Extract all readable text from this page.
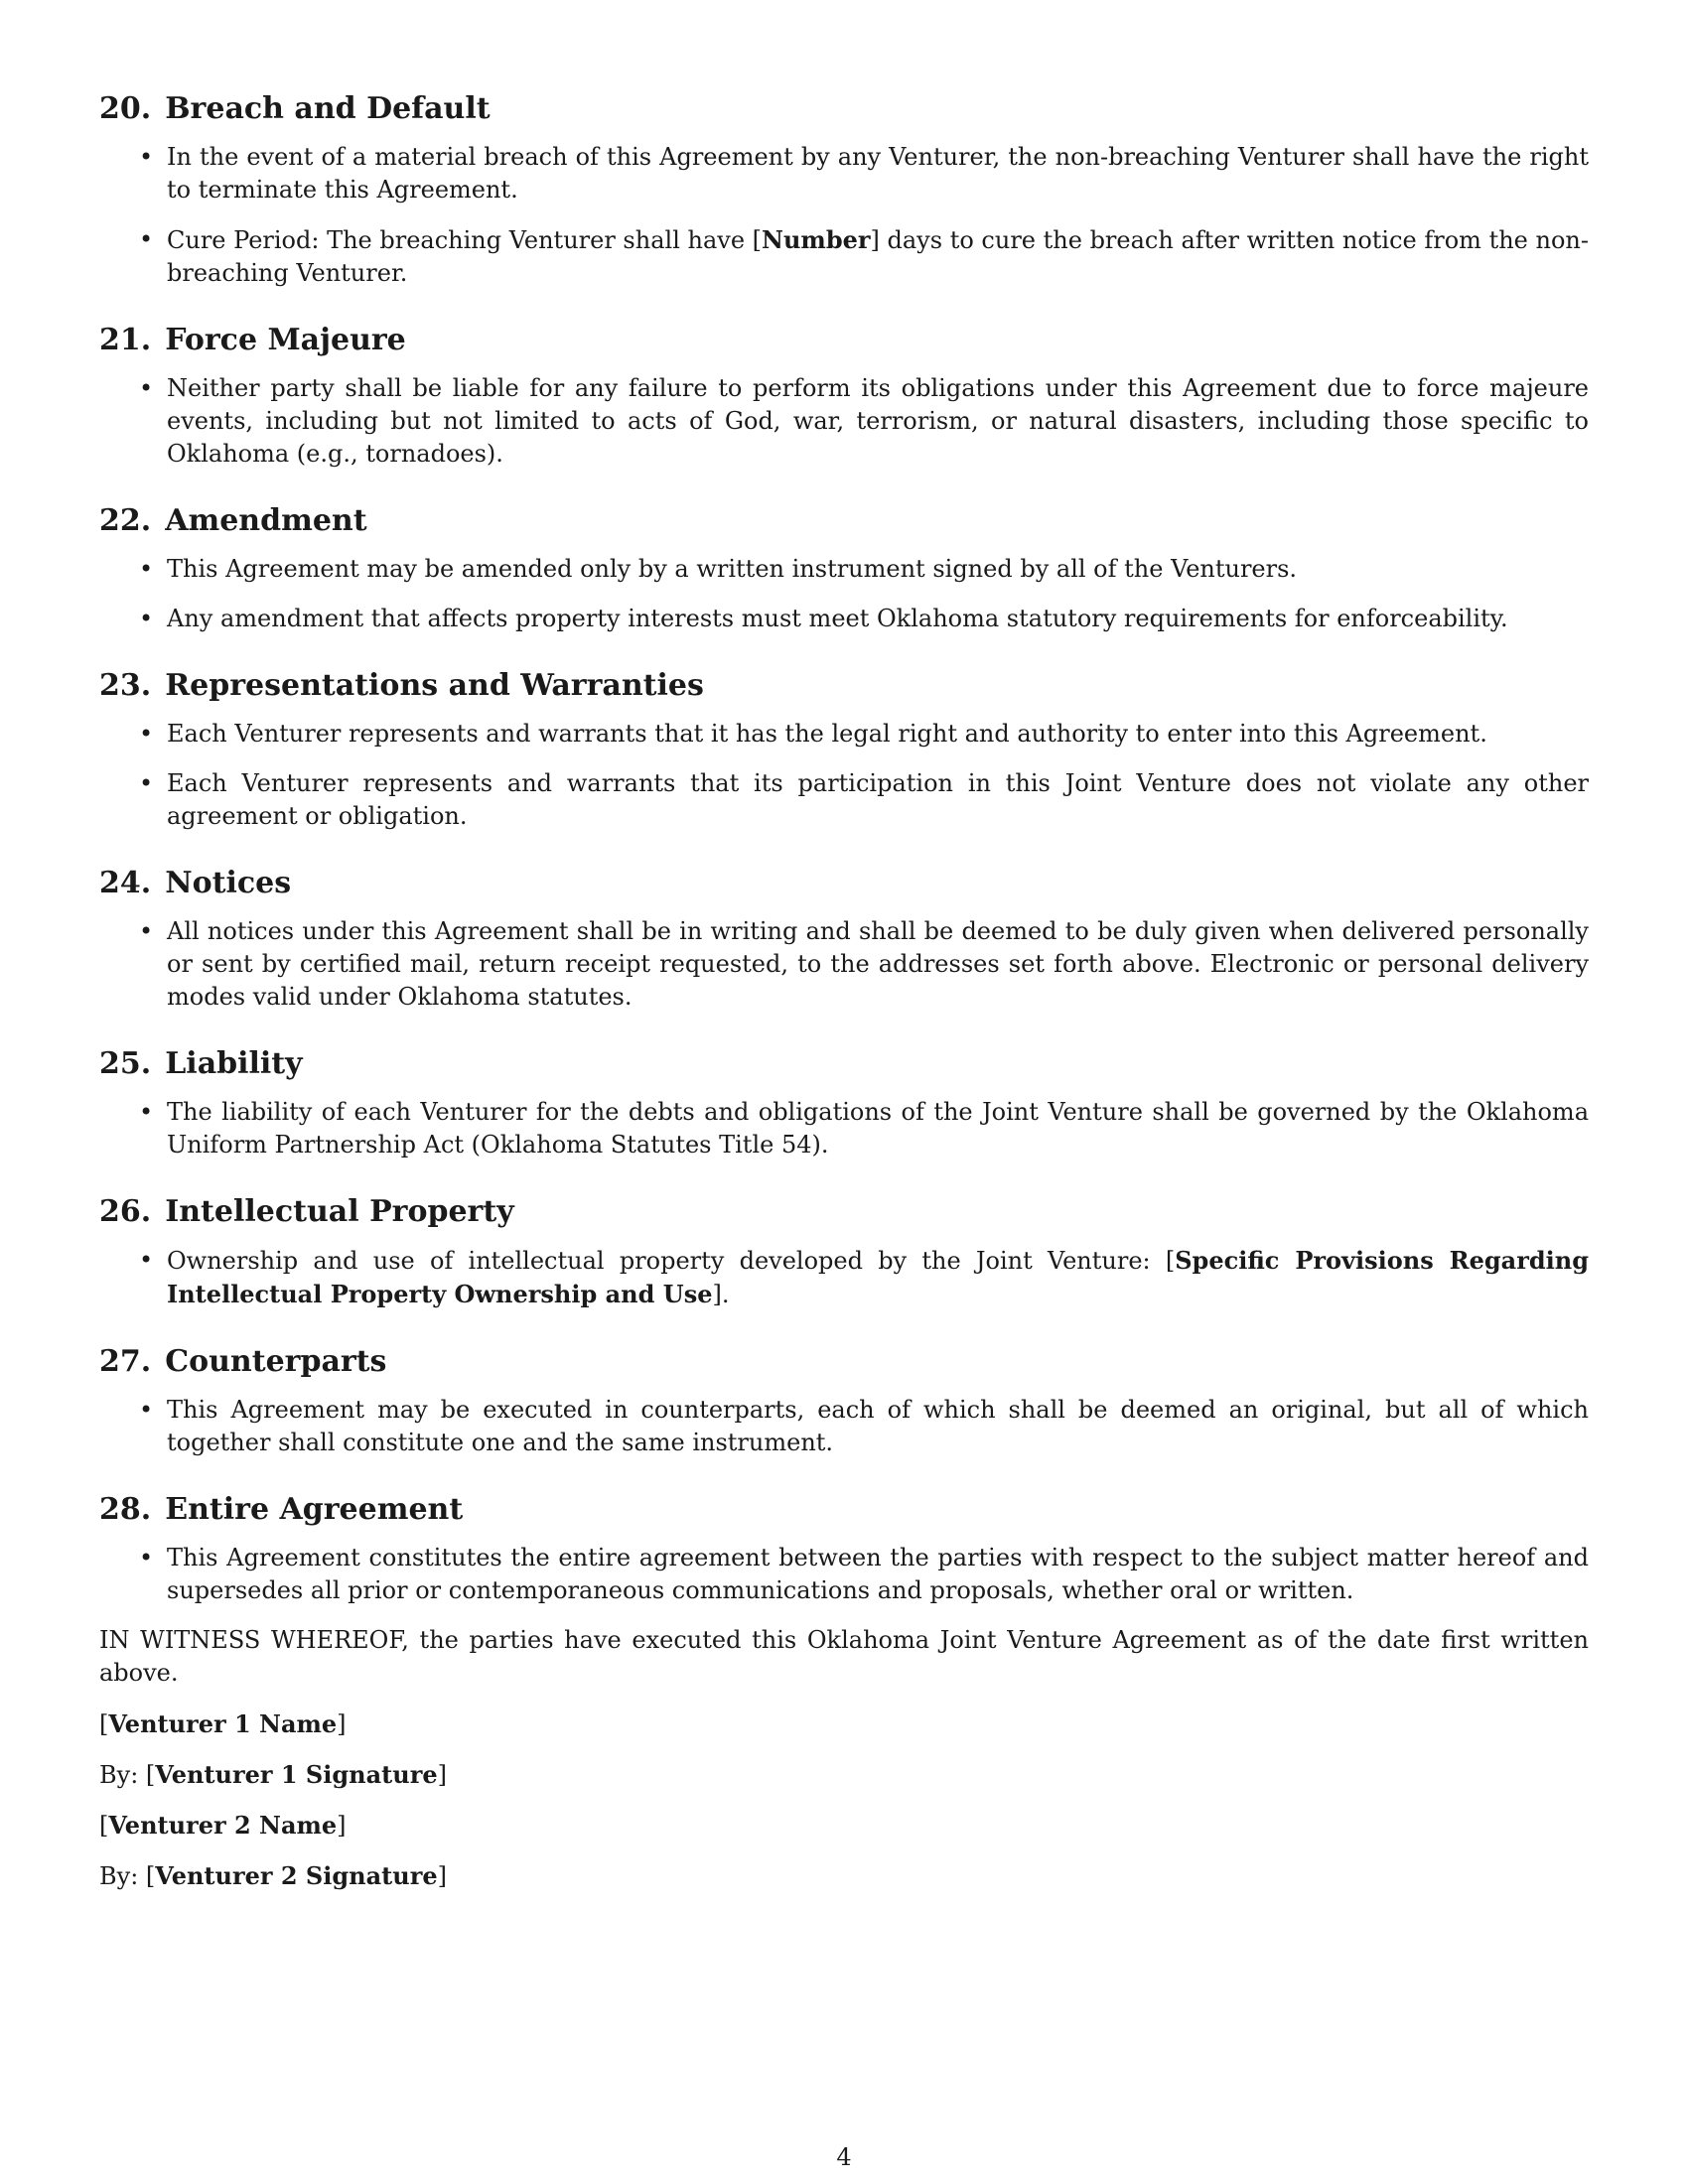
20. Breach and Default
• In the event of a material breach of this Agreement by any Venturer, the non-breaching Venturer shall have the right to terminate this Agreement.
• Cure Period: The breaching Venturer shall have [Number] days to cure the breach after written notice from the non-breaching Venturer.
21. Force Majeure
• Neither party shall be liable for any failure to perform its obligations under this Agreement due to force majeure events, including but not limited to acts of God, war, terrorism, or natural disasters, including those specific to Oklahoma (e.g., tornadoes).
22. Amendment
• This Agreement may be amended only by a written instrument signed by all of the Venturers.
• Any amendment that affects property interests must meet Oklahoma statutory requirements for enforceability.
23. Representations and Warranties
• Each Venturer represents and warrants that it has the legal right and authority to enter into this Agreement.
• Each Venturer represents and warrants that its participation in this Joint Venture does not violate any other agreement or obligation.
24. Notices
• All notices under this Agreement shall be in writing and shall be deemed to be duly given when delivered personally or sent by certified mail, return receipt requested, to the addresses set forth above. Electronic or personal delivery modes valid under Oklahoma statutes.
25. Liability
• The liability of each Venturer for the debts and obligations of the Joint Venture shall be governed by the Oklahoma Uniform Partnership Act (Oklahoma Statutes Title 54).
26. Intellectual Property
• Ownership and use of intellectual property developed by the Joint Venture: [Specific Provisions Regarding Intellectual Property Ownership and Use].
27. Counterparts
• This Agreement may be executed in counterparts, each of which shall be deemed an original, but all of which together shall constitute one and the same instrument.
28. Entire Agreement
• This Agreement constitutes the entire agreement between the parties with respect to the subject matter hereof and supersedes all prior or contemporaneous communications and proposals, whether oral or written.

IN WITNESS WHEREOF, the parties have executed this Oklahoma Joint Venture Agreement as of the date first written above.

[Venturer 1 Name]

By: [Venturer 1 Signature]

[Venturer 2 Name]

By: [Venturer 2 Signature]

4
